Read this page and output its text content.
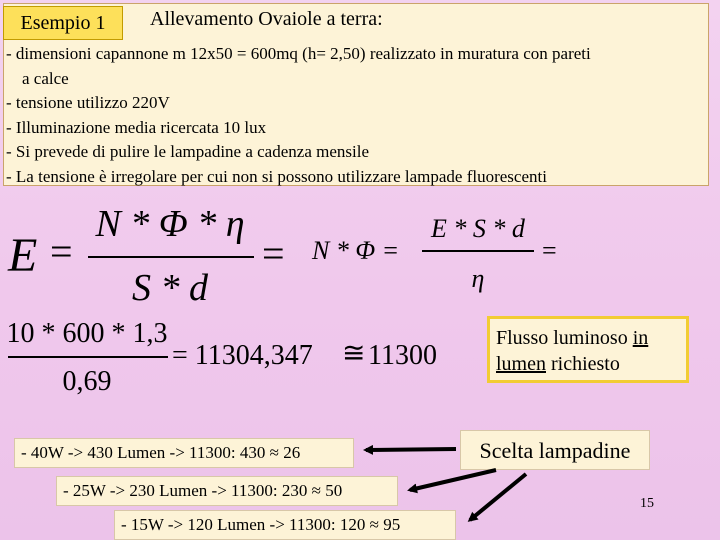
Esempio 1	Allevamento Ovaiole a terra:
- dimensioni capannone m 12x50 = 600mq (h= 2,50) realizzato in muratura con pareti
a calce
- tensione utilizzo 220V
- Illuminazione media ricercata 10 lux
- Si prevede di pulire le lampadine a cadenza mensile
- La tensione è irregolare per cui non si possono utilizzare lampade fluorescenti
E =
N * Φ * η
S * d
= N * Φ =
E * S * d
η
=
10 * 600 * 1,3
0,69
= 11304,347 ≅ 11300
Flusso luminoso in
lumen richiesto
- 40W -> 430 Lumen -> 11300: 430 ≈ 26
- 25W -> 230 Lumen -> 11300: 230 ≈ 50
- 15W -> 120 Lumen -> 11300: 120 ≈ 95
Scelta lampadine
15
